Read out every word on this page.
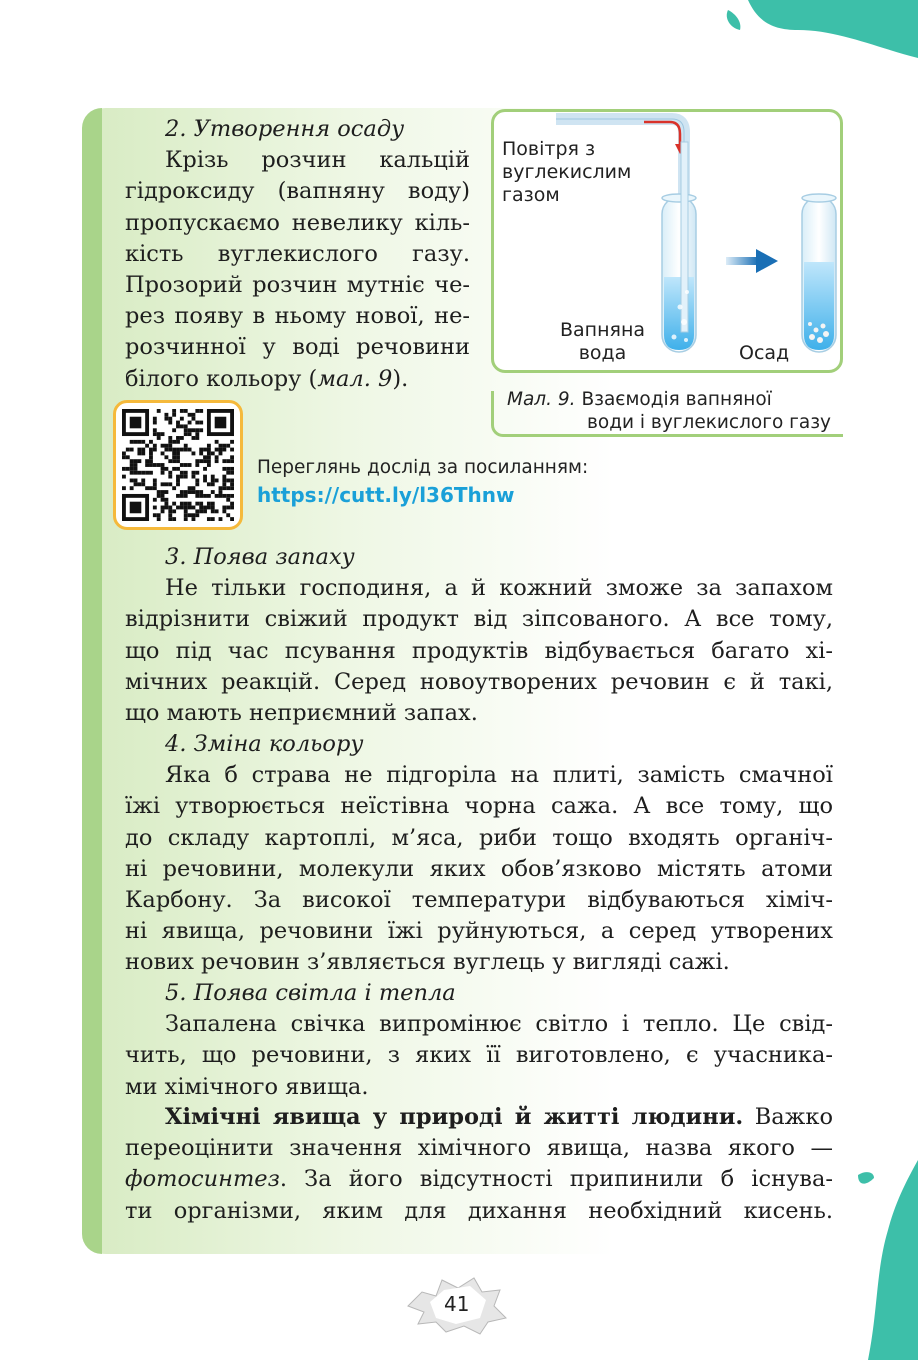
2. Утворення осаду
Крізь розчин кальцій
гідроксиду (вапняну воду)
пропускаємо невелику кіль-
кість вуглекислого газу.
Прозорий розчин мутніє че-
рез появу в ньому нової, не-
розчинної у воді речовини
білого кольору (мал. 9).
Повітря з
вуглекислим
газом
Вапняна
вода	Осад
Мал. 9. Взаємодія вапняної
води і вуглекислого газу
Переглянь дослід за посиланням:
https://cutt.ly/l36Thnw
3. Поява запаху
Не тільки господиня, а й кожний зможе за запахом
відрізнити свіжий продукт від зіпсованого. А все тому,
що під час псування продуктів відбувається багато хі-
мічних реакцій. Серед новоутворених речовин є й такі,
що мають неприємний запах.
4. Зміна кольору
Яка б страва не підгоріла на плиті, замість смачної
їжі утворюється неїстівна чорна сажа. А все тому, що
до складу картоплі, м’яса, риби тощо входять органіч-
ні речовини, молекули яких обов’язково містять атоми
Карбону. За високої температури відбуваються хіміч-
ні явища, речовини їжі руйнуються, а серед утворених
нових речовин з’являється вуглець у вигляді сажі.
5. Поява світла і тепла
Запалена свічка випромінює світло і тепло. Це свід-
чить, що речовини, з яких її виготовлено, є учасника-
ми хімічного явища.
Хімічні явища у природі й житті людини. Важко
переоцінити значення хімічного явища, назва якого —
фотосинтез. За його відсутності припинили б існува-
ти організми, яким для дихання необхідний кисень.
41
